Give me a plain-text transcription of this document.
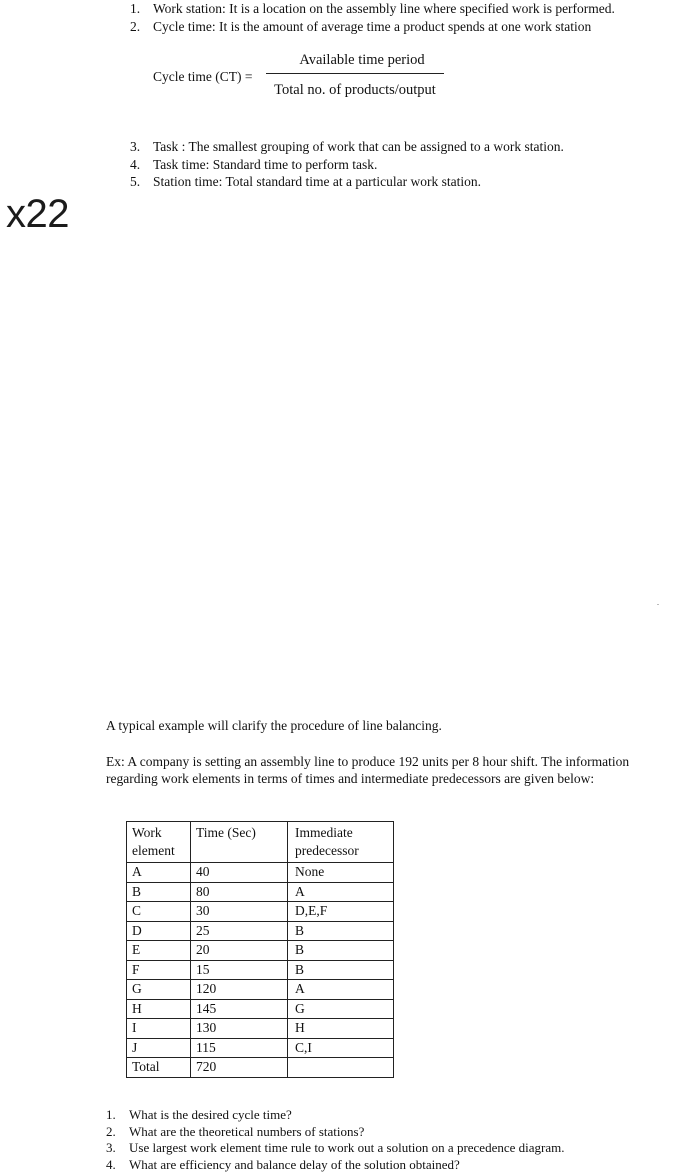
1. Work station: It is a location on the assembly line where specified work is performed.
2. Cycle time: It is the amount of average time a product spends at one work station
Cycle time (CT) =
Available time period
Total no. of products/output
3. Task : The smallest grouping of work that can be assigned to a work station.
4. Task time: Standard time to perform task.
5. Station time: Total standard time at a particular work station.
x22
A typical example will clarify the procedure of line balancing.
Ex: A company is setting an assembly line to produce 192 units per 8 hour shift. The information regarding work elements in terms of times and intermediate predecessors are given below:
Work element	Time (Sec)	Immediate predecessor
A	40	None
B	80	A
C	30	D,E,F
D	25	B
E	20	B
F	15	B
G	120	A
H	145	G
I	130	H
J	115	C,I
Total	720	
1. What is the desired cycle time?
2. What are the theoretical numbers of stations?
3. Use largest work element time rule to work out a solution on a precedence diagram.
4. What are efficiency and balance delay of the solution obtained?
